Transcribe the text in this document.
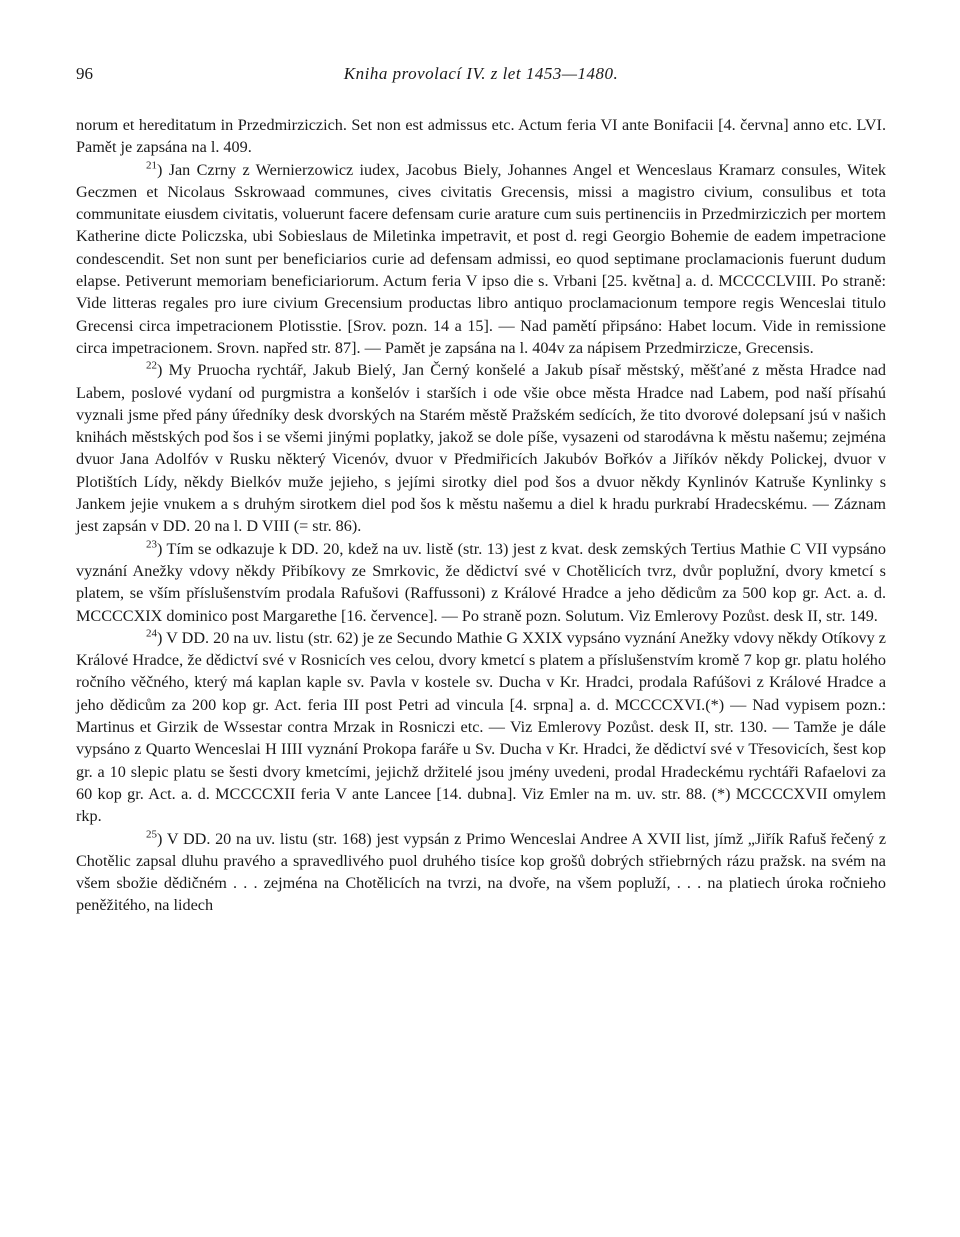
96	Kniha provolací IV. z let 1453—1480.

norum et hereditatum in Przedmirziczich. Set non est admissus etc. Actum feria VI ante Bonifacii [4. června] anno etc. LVI. Pamět je zapsána na l. 409.

$^{21}$) Jan Czrny z Wernierzowicz iudex, Jacobus Biely, Johannes Angel et Wenceslaus Kramarz consules, Witek Geczmen et Nicolaus Sskrowaad communes, cives civitatis Grecensis, missi a magistro civium, consulibus et tota communitate eiusdem civitatis, voluerunt facere defensam curie arature cum suis pertinenciis in Przedmirziczich per mortem Katherine dicte Policzska, ubi Sobieslaus de Miletinka impetravit, et post d. regi Georgio Bohemie de eadem impetracione condescendit. Set non sunt per beneficiarios curie ad defensam admissi, eo quod septimane proclamacionis fuerunt dudum elapse. Petiverunt memoriam beneficiariorum. Actum feria V ipso die s. Vrbani [25. května] a. d. MCCCCLVIII. Po straně: Vide litteras regales pro iure civium Grecensium productas libro antiquo proclamacionum tempore regis Wenceslai titulo Grecensi circa impetracionem Plotisstie. [Srov. pozn. 14 a 15]. — Nad pamětí připsáno: Habet locum. Vide in remissione circa impetracionem. Srovn. napřed str. 87]. — Pamět je zapsána na l. 404v za nápisem Przedmirzicze, Grecensis.

$^{22}$) My Pruocha rychtář, Jakub Bielý, Jan Černý konšelé a Jakub písař městský, měšťané z města Hradce nad Labem, poslové vydaní od purgmistra a konšelóv i starších i ode všie obce města Hradce nad Labem, pod naší přísahú vyznali jsme před pány úředníky desk dvorských na Starém městě Pražském sedících, že tito dvorové dolepsaní jsú v našich knihách městských pod šos i se všemi jinými poplatky, jakož se dole píše, vysazeni od starodávna k městu našemu; zejména dvuor Jana Adolfóv v Rusku některý Vicenóv, dvuor v Předmiřicích Jakubóv Bořkóv a Jiříkóv někdy Polickej, dvuor v Plotištích Lídy, někdy Bielkóv muže jejieho, s jejími sirotky diel pod šos a dvuor někdy Kynlinóv Katruše Kynlinky s Jankem jejie vnukem a s druhým sirotkem diel pod šos k městu našemu a diel k hradu purkrabí Hradecskému. — Záznam jest zapsán v DD. 20 na l. D VIII (= str. 86).

$^{23}$) Tím se odkazuje k DD. 20, kdež na uv. listě (str. 13) jest z kvat. desk zemských Tertius Mathie C VII vypsáno vyznání Anežky vdovy někdy Přibíkovy ze Smrkovic, že dědictví své v Chotělicích tvrz, dvůr poplužní, dvory kmetcí s platem, se vším příslušenstvím prodala Rafušovi (Raffussoni) z Králové Hradce a jeho dědicům za 500 kop gr. Act. a. d. MCCCCXIX dominico post Margarethe [16. července]. — Po straně pozn. Solutum. Viz Emlerovy Pozůst. desk II, str. 149.

$^{24}$) V DD. 20 na uv. listu (str. 62) je ze Secundo Mathie G XXIX vypsáno vyznání Anežky vdovy někdy Otíkovy z Králové Hradce, že dědictví své v Rosnicích ves celou, dvory kmetcí s platem a příslušenstvím kromě 7 kop gr. platu holého ročního věčného, který má kaplan kaple sv. Pavla v kostele sv. Ducha v Kr. Hradci, prodala Rafúšovi z Králové Hradce a jeho dědicům za 200 kop gr. Act. feria III post Petri ad vincula [4. srpna] a. d. MCCCCXVI.(*) — Nad vypisem pozn.: Martinus et Girzik de Wssestar contra Mrzak in Rosniczi etc. — Viz Emlerovy Pozůst. desk II, str. 130. — Tamže je dále vypsáno z Quarto Wenceslai H IIII vyznání Prokopa faráře u Sv. Ducha v Kr. Hradci, že dědictví své v Třesovicích, šest kop gr. a 10 slepic platu se šesti dvory kmetcími, jejichž držitelé jsou jmény uvedeni, prodal Hradeckému rychtáři Rafaelovi za 60 kop gr. Act. a. d. MCCCCXII feria V ante Lancee [14. dubna]. Viz Emler na m. uv. str. 88. (*) MCCCCXVII omylem rkp.

$^{25}$) V DD. 20 na uv. listu (str. 168) jest vypsán z Primo Wenceslai Andree A XVII list, jímž „Jiřík Rafuš řečený z Chotělic zapsal dluhu pravého a spravedlivého puol druhého tisíce kop grošů dobrých střiebrných rázu pražsk. na svém na všem sbožie dědičném . . . zejména na Chotělicích na tvrzi, na dvoře, na všem popluží, . . . na platiech úroka ročnieho peněžitého, na lidech
